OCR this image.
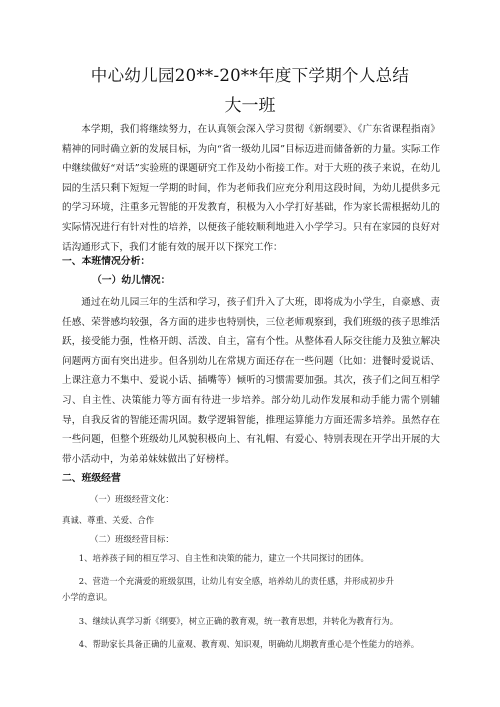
中心幼儿园20**-20**年度下学期个人总结
大一班

本学期，我们将继续努力，在认真领会深入学习贯彻《新纲要》、《广东省课程指南》精神的同时确立新的发展目标，为向“省一级幼儿园”目标迈进而储备新的力量。实际工作中继续做好“对话”实验班的课题研究工作及幼小衔接工作。对于大班的孩子来说，在幼儿园的生活只剩下短短一学期的时间，作为老师我们应充分利用这段时间，为幼儿提供多元的学习环境，注重多元智能的开发教育，积极为入小学打好基础，作为家长需根据幼儿的实际情况进行有针对性的培养，以便孩子能较顺利地进入小学学习。只有在家园的良好对话沟通形式下，我们才能有效的展开以下探究工作：

一、本班情况分析：

（一）幼儿情况：

通过在幼儿园三年的生活和学习，孩子们升入了大班，即将成为小学生，自豪感、责任感、荣誉感均较强，各方面的进步也特别快，三位老师观察到，我们班级的孩子思维活跃，接受能力强，性格开朗、活泼、自主，富有个性。从整体看人际交往能力及独立解决问题两方面有突出进步。但各别幼儿在常规方面还存在一些问题（比如：进餐时爱说话、上课注意力不集中、爱说小话、插嘴等）倾听的习惯需要加强。其次，孩子们之间互相学习、自主性、决策能力等方面有待进一步培养。部分幼儿动作发展和动手能力需个别辅导，自我反省的智能还需巩固。数学逻辑智能，推理运算能力方面还需多培养。虽然存在一些问题，但整个班级幼儿风貌积极向上、有礼帽、有爱心、特别表现在开学出开展的大带小活动中，为弟弟妹妹做出了好榜样。

二、班级经营

（一）班级经营文化：

真诚、尊重、关爱、合作

（二）班级经营目标：

1、培养孩子间的相互学习、自主性和决策的能力，建立一个共同探讨的团体。

2、营造一个充满爱的班级氛围，让幼儿有安全感，培养幼儿的责任感，并形成初步升

小学的意识。

3、继续认真学习新《纲要》，树立正确的教育观，统一教育思想，并转化为教育行为。

4、帮助家长具备正确的儿童观、教育观、知识观，明确幼儿期教育重心是个性能力的培养。
